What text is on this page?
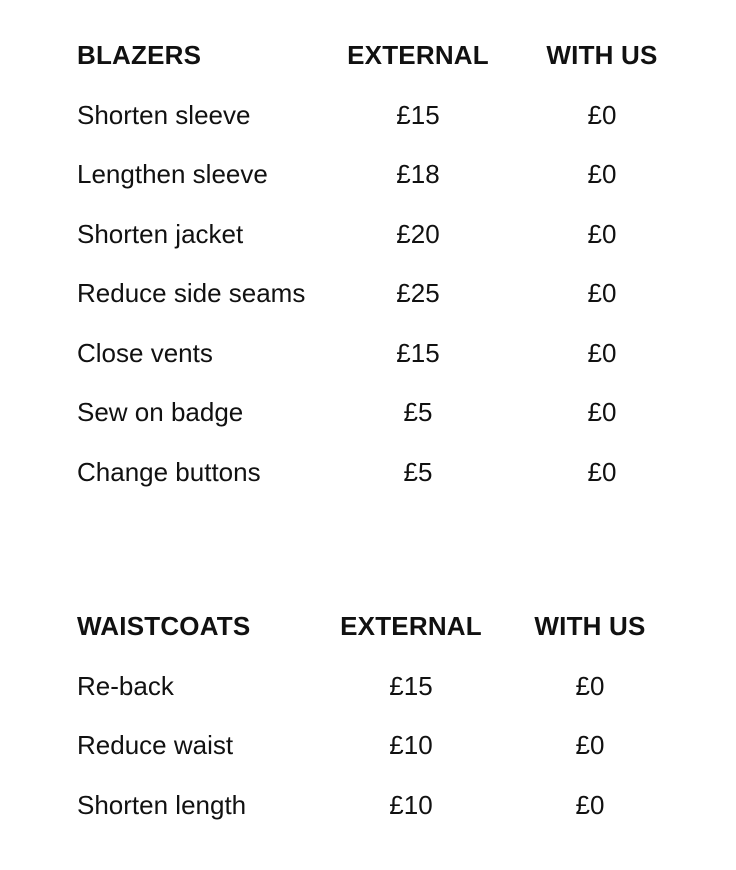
BLAZERS	EXTERNAL	WITH US
Shorten sleeve	£15	£0
Lengthen sleeve	£18	£0
Shorten jacket	£20	£0
Reduce side seams	£25	£0
Close vents	£15	£0
Sew on badge	£5	£0
Change buttons	£5	£0
WAISTCOATS	EXTERNAL	WITH US
Re-back	£15	£0
Reduce waist	£10	£0
Shorten length	£10	£0
